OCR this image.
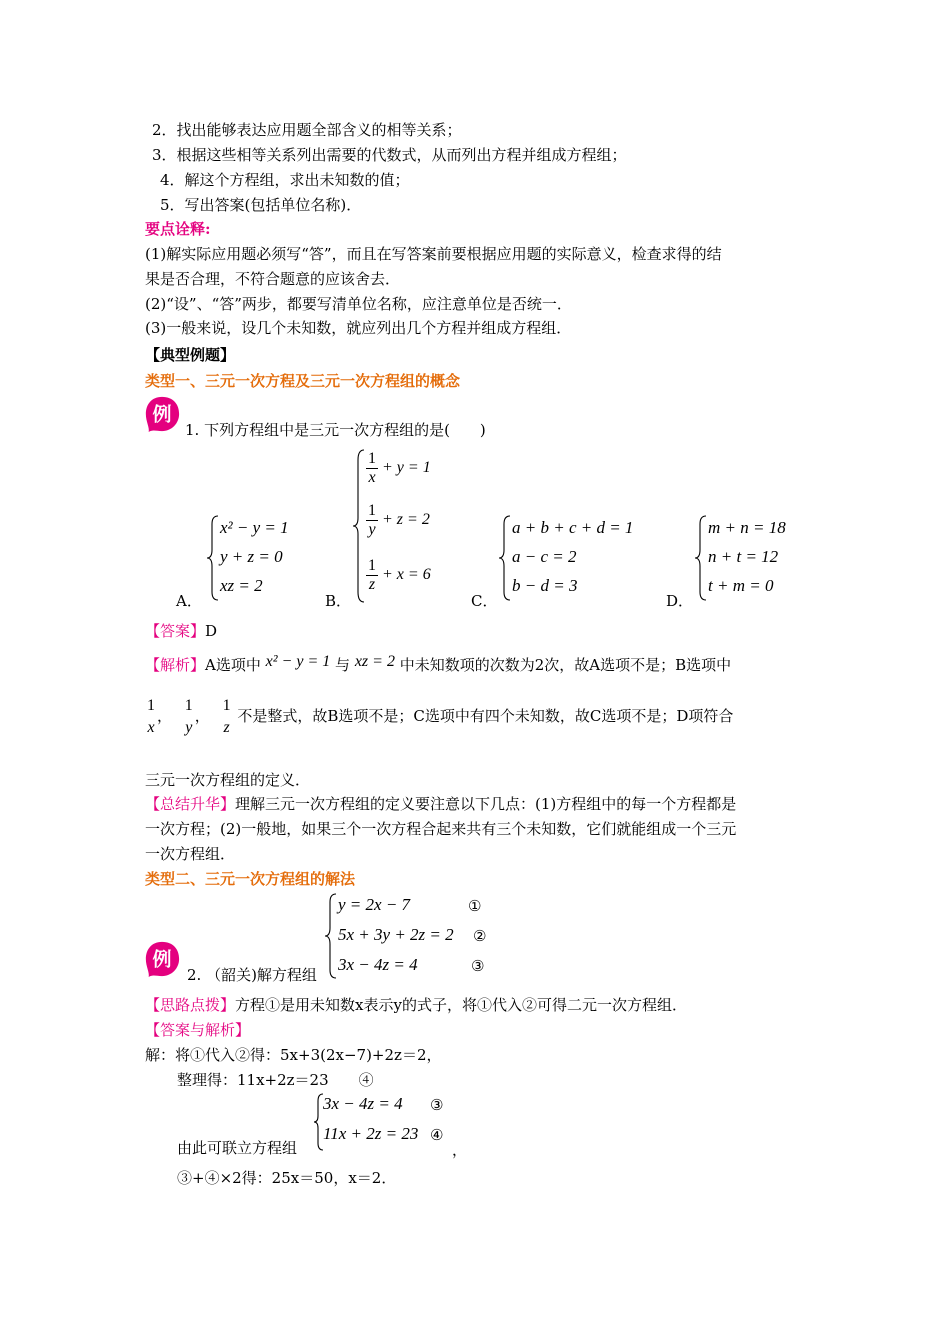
2．找出能够表达应用题全部含义的相等关系；
3．根据这些相等关系列出需要的代数式，从而列出方程并组成方程组；
4．解这个方程组，求出未知数的值；
5．写出答案(包括单位名称)．
要点诠释:
(1)解实际应用题必须写“答”，而且在写答案前要根据应用题的实际意义，检查求得的结
果是否合理，不符合题意的应该舍去．
(2)“设”、“答”两步，都要写清单位名称，应注意单位是否统一．
(3)一般来说，设几个未知数，就应列出几个方程并组成方程组．
【典型例题】
类型一、三元一次方程及三元一次方程组的概念
例
1. 下列方程组中是三元一次方程组的是(　　)
A．
x² − y = 1
y + z = 0
xz = 2
B．
$\frac{1}{x} + y = 1$
$\frac{1}{y} + z = 2$
$\frac{1}{z} + x = 6$
C．
a + b + c + d = 1
a − c = 2
b − d = 3
D．
m + n = 18
n + t = 12
t + m = 0
【答案】D
【解析】A选项中 x² − y = 1 与 xz = 2 中未知数项的次数为2次，故A选项不是；B选项中
1
x
，
1
y
，
1
z
不是整式，故B选项不是；C选项中有四个未知数，故C选项不是；D项符合
三元一次方程组的定义．
【总结升华】理解三元一次方程组的定义要注意以下几点：(1)方程组中的每一个方程都是
一次方程；(2)一般地，如果三个一次方程合起来共有三个未知数，它们就能组成一个三元
一次方程组．
类型二、三元一次方程组的解法
例
2. （韶关)解方程组
y = 2x − 7
5x + 3y + 2z = 2
3x − 4z = 4
①
②
③
【思路点拨】方程①是用未知数x表示y的式子，将①代入②可得二元一次方程组．
【答案与解析】
解：将①代入②得：5x+3(2x−7)+2z＝2，
整理得：11x+2z＝23　　④
由此可联立方程组
3x − 4z = 4
11x + 2z = 23
③
④
，
③+④×2得：25x＝50，x＝2．
